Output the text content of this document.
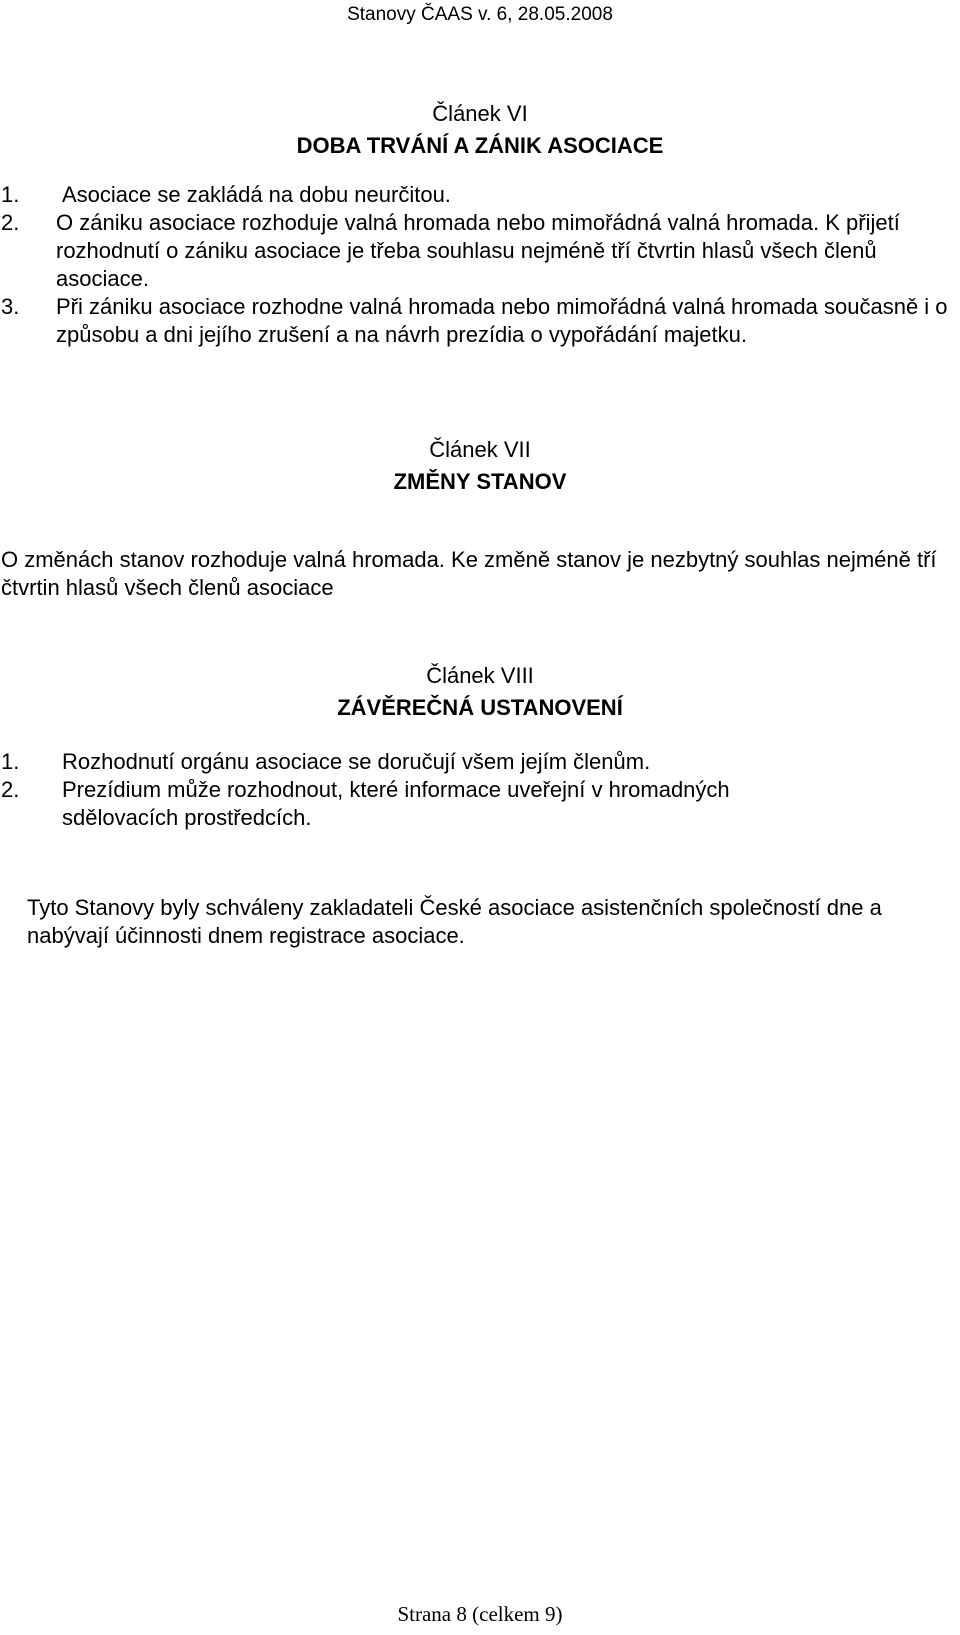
Stanovy ČAAS v. 6, 28.05.2008
Článek VI
DOBA TRVÁNÍ A ZÁNIK ASOCIACE
1.	Asociace se zakládá na dobu neurčitou.
2.	O zániku asociace rozhoduje valná hromada nebo mimořádná valná hromada. K přijetí rozhodnutí o zániku asociace je třeba souhlasu nejméně tří čtvrtin hlasů všech členů asociace.
3.	Při zániku asociace rozhodne valná hromada nebo mimořádná valná hromada současně i o způsobu a dni jejího zrušení a na návrh prezídia o vypořádání majetku.
Článek VII
ZMĚNY STANOV

O změnách stanov rozhoduje valná hromada. Ke změně stanov je nezbytný souhlas nejméně tří čtvrtin hlasů všech členů asociace

Článek VIII
ZÁVĚREČNÁ USTANOVENÍ
1.	Rozhodnutí orgánu asociace se doručují všem jejím členům.
2.	Prezídium může rozhodnout, které informace uveřejní v hromadných sdělovacích prostředcích.

Tyto Stanovy byly schváleny zakladateli České asociace asistenčních společností dne a nabývají účinnosti dnem registrace asociace.

Strana 8 (celkem 9)
